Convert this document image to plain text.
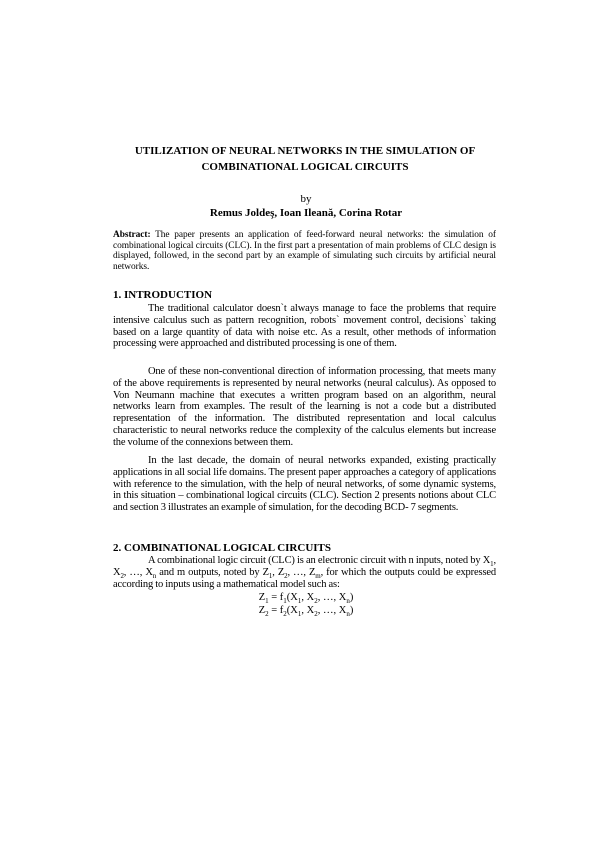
UTILIZATION OF NEURAL NETWORKS IN THE SIMULATION OF COMBINATIONAL LOGICAL CIRCUITS
by
Remus Joldeş, Ioan Ileană, Corina Rotar
Abstract: The paper presents an application of feed-forward neural networks: the simulation of combinational logical circuits (CLC). In the first part a presentation of main problems of CLC design is displayed, followed, in the second part by an example of simulating such circuits by artificial neural networks.
1. INTRODUCTION
The traditional calculator doesn`t always manage to face the problems that require intensive calculus such as pattern recognition, robots` movement control, decisions` taking based on a large quantity of data with noise etc. As a result, other methods of information processing were approached and distributed processing is one of them.
One of these non-conventional direction of information processing, that meets many of the above requirements is represented by neural networks (neural calculus). As opposed to Von Neumann machine that executes a written program based on an algorithm, neural networks learn from examples. The result of the learning is not a code but a distributed representation of the information. The distributed representation and local calculus characteristic to neural networks reduce the complexity of the calculus elements but increase the volume of the connexions between them.
In the last decade, the domain of neural networks expanded, existing practically applications in all social life domains. The present paper approaches a category of applications with reference to the simulation, with the help of neural networks, of some dynamic systems, in this situation – combinational logical circuits (CLC). Section 2 presents notions about CLC and section 3 illustrates an example of simulation, for the decoding BCD- 7 segments.
2. COMBINATIONAL LOGICAL CIRCUITS
A combinational logic circuit (CLC) is an electronic circuit with n inputs, noted by $X_1$, $X_2$, …, $X_n$ and m outputs, noted by $Z_1$, $Z_2$, …, $Z_m$, for which the outputs could be expressed according to inputs using a mathematical model such as:
$Z_1 = f_1(X_1$, $X_2$, …, $X_n$)
$Z_2 = f_2(X_1$, $X_2$, …, $X_n$)
